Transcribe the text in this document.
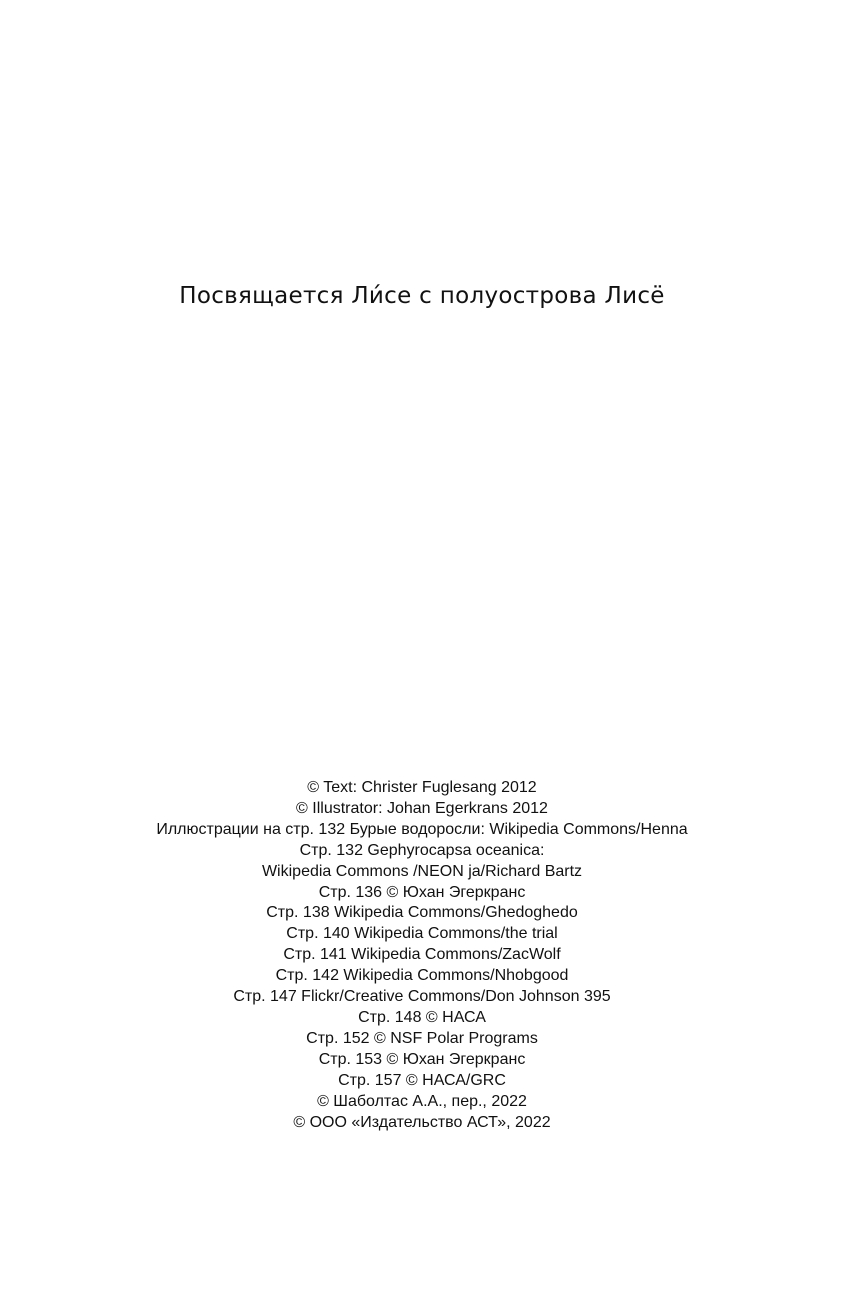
Посвящается Ли́се с полуострова Лисё
© Text: Christer Fuglesang 2012
© Illustrator: Johan Egerkrans 2012
Иллюстрации на стр. 132 Бурые водоросли: Wikipedia Commons/Henna
Стр. 132 Gephyrocapsa oceanica:
Wikipedia Commons /NEON ja/Richard Bartz
Стр. 136 © Юхан Эгеркранс
Стр. 138 Wikipedia Commons/Ghedoghedo
Стр. 140 Wikipedia Commons/the trial
Стр. 141 Wikipedia Commons/ZacWolf
Стр. 142 Wikipedia Commons/Nhobgood
Стр. 147 Flickr/Creative Commons/Don Johnson 395
Стр. 148 © НАСА
Стр. 152 © NSF Polar Programs
Стр. 153 © Юхан Эгеркранс
Стр. 157 © НАСА/GRC
© Шаболтас А.А., пер., 2022
© ООО «Издательство АСТ», 2022
